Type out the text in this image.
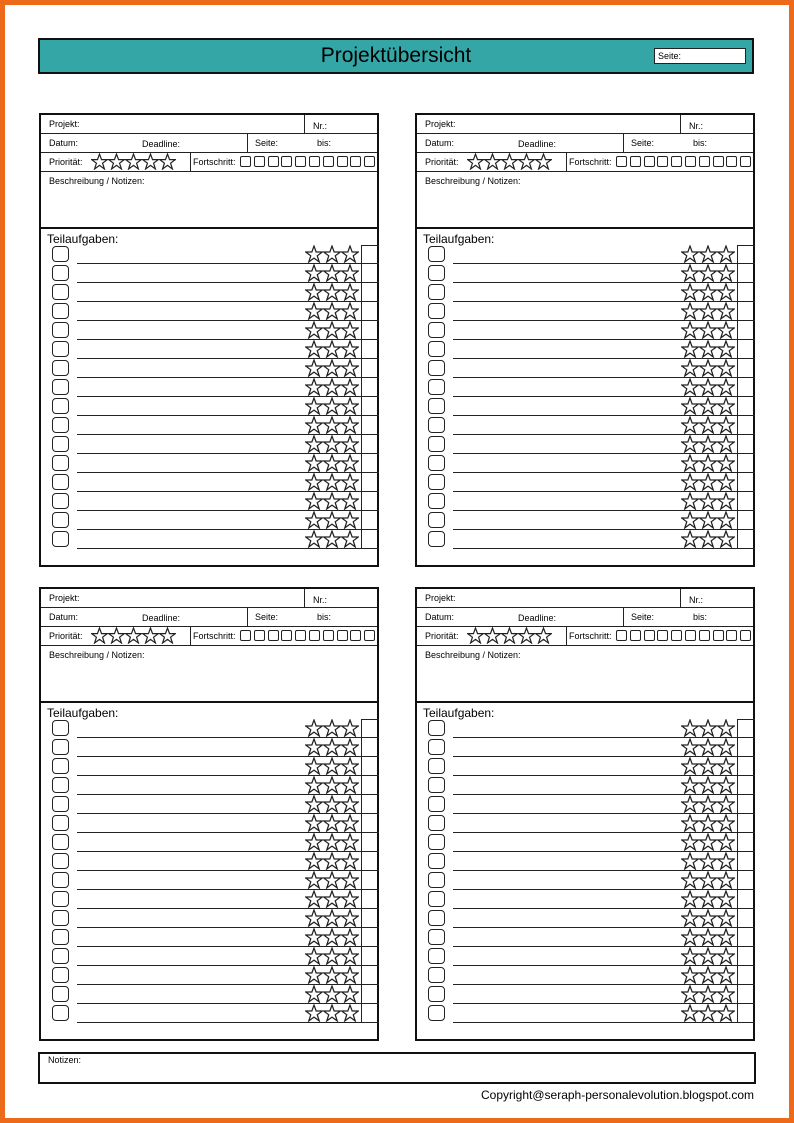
Projektübersicht	Seite:
Projekt:	Nr.:
Datum:	Deadline:	Seite:	bis:
Priorität:	Fortschritt:
Beschreibung / Notizen:
Teilaufgaben:
Projekt:	Nr.:
Datum:	Deadline:	Seite:	bis:
Priorität:	Fortschritt:
Beschreibung / Notizen:
Teilaufgaben:
Projekt:	Nr.:
Datum:	Deadline:	Seite:	bis:
Priorität:	Fortschritt:
Beschreibung / Notizen:
Teilaufgaben:
Projekt:	Nr.:
Datum:	Deadline:	Seite:	bis:
Priorität:	Fortschritt:
Beschreibung / Notizen:
Teilaufgaben:
Notizen:
Copyright@seraph-personalevolution.blogspot.com
